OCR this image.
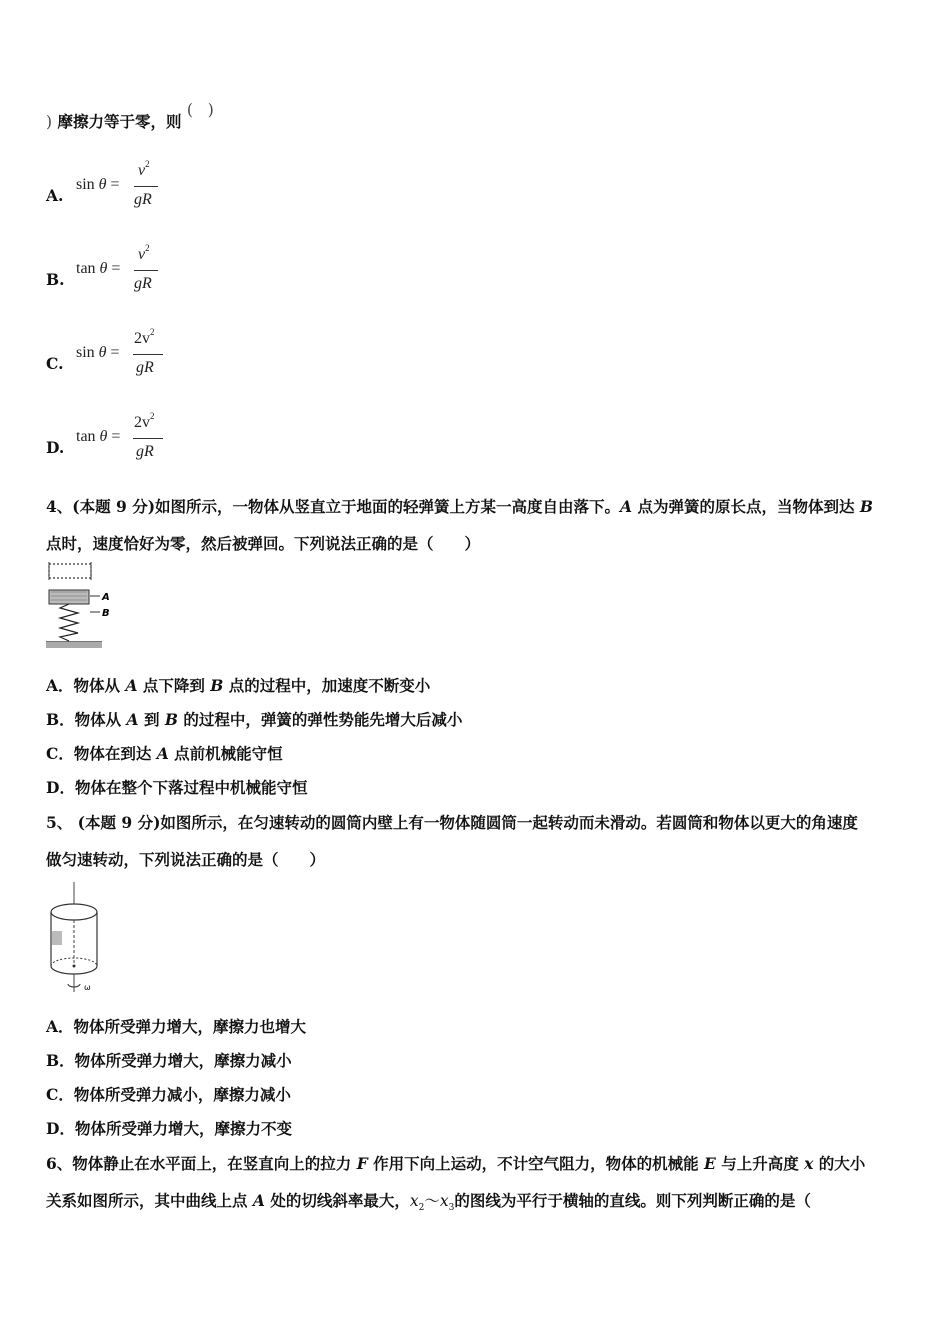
) 摩擦力等于零，则 ( )
A.
sin θ =
$v^2$
gR
B.
tan θ =
$v^2$
gR
C.
sin θ =
$2v^2$
gR
D.
tan θ =
$2v^2$
gR
4、(本题 9 分)如图所示，一物体从竖直立于地面的轻弹簧上方某一高度自由落下。A 点为弹簧的原长点，当物体到达 B
点时，速度恰好为零，然后被弹回。下列说法正确的是（　　）
A
B
A．物体从 A 点下降到 B 点的过程中，加速度不断变小
B．物体从 A 到 B 的过程中，弹簧的弹性势能先增大后减小
C．物体在到达 A 点前机械能守恒
D．物体在整个下落过程中机械能守恒
5、 (本题 9 分)如图所示，在匀速转动的圆筒内壁上有一物体随圆筒一起转动而未滑动。若圆筒和物体以更大的角速度
做匀速转动，下列说法正确的是（　　）
ω
A．物体所受弹力增大，摩擦力也增大
B．物体所受弹力增大，摩擦力减小
C．物体所受弹力减小，摩擦力减小
D．物体所受弹力增大，摩擦力不变
6、物体静止在水平面上，在竖直向上的拉力 F 作用下向上运动，不计空气阻力，物体的机械能 E 与上升高度 x 的大小
关系如图所示，其中曲线上点 A 处的切线斜率最大，$x_2\sim x_3$的图线为平行于横轴的直线。则下列判断正确的是（
